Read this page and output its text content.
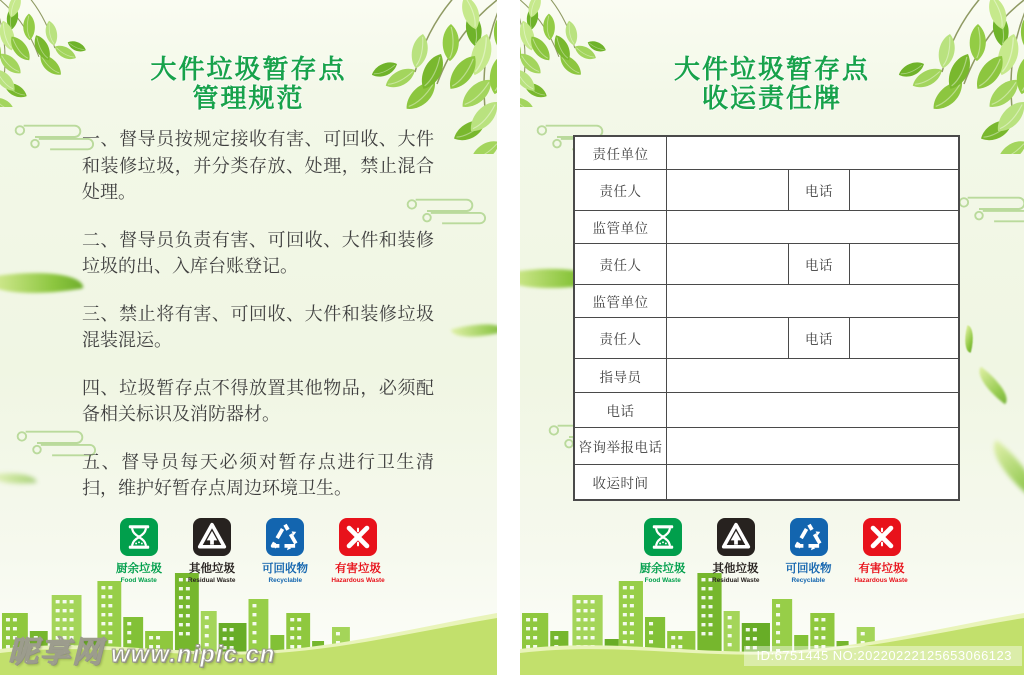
大件垃圾暂存点
管理规范

一、督导员按规定接收有害、可回收、大件和装修垃圾，并分类存放、处理，禁止混合处理。

二、督导员负责有害、可回收、大件和装修垃圾的出、入库台账登记。

三、禁止将有害、可回收、大件和装修垃圾混装混运。

四、垃圾暂存点不得放置其他物品，必须配备相关标识及消防器材。

五、督导员每天必须对暂存点进行卫生清扫，维护好暂存点周边环境卫生。

厨余垃圾
Food Waste
其他垃圾
Residual Waste
可回收物
Recyclable
有害垃圾
Hazardous Waste
大件垃圾暂存点
收运责任牌
责任单位
责任人	电话
监管单位
责任人	电话
监管单位
责任人	电话
指导员
电话
咨询举报电话
收运时间
厨余垃圾
Food Waste
其他垃圾
Residual Waste
可回收物
Recyclable
有害垃圾
Hazardous Waste
昵享网 www.nipic.cn	ID:6751445 NO:20220222125653066123
